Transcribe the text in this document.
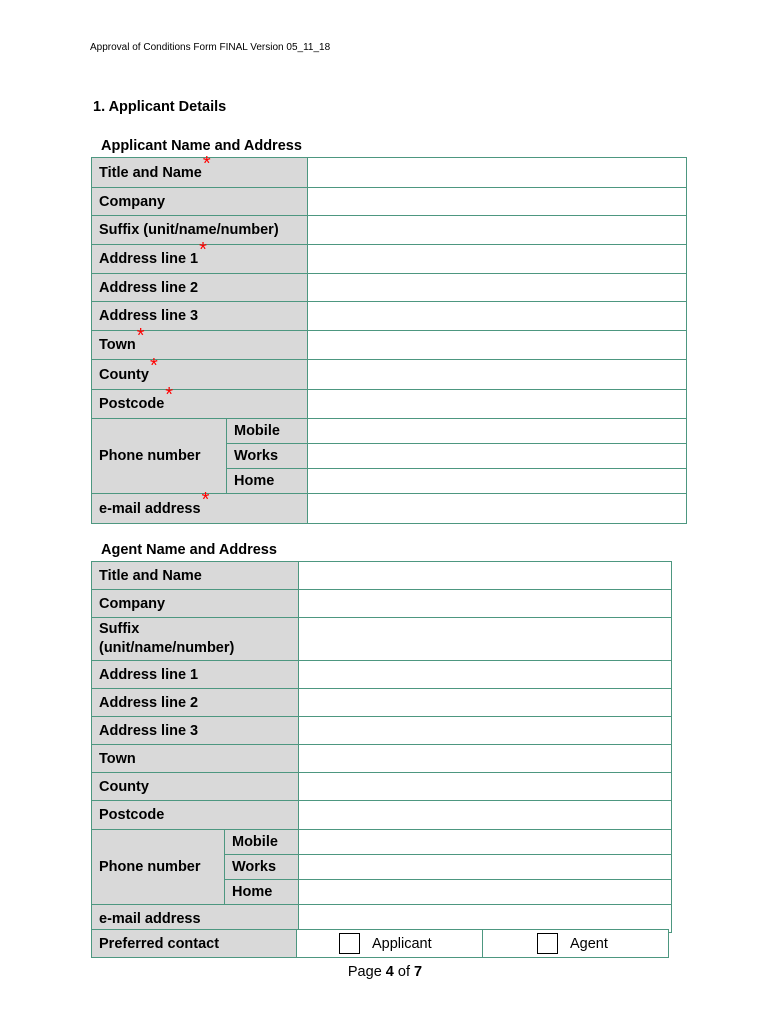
Approval of Conditions Form FINAL Version 05_11_18
1. Applicant Details
Applicant Name and Address
Title and Name*		
Company		
Suffix (unit/name/number)		
Address line 1*		
Address line 2		
Address line 3		
Town*		
County*		
Postcode*		
Phone number	Mobile	
	Works	
	Home	
e-mail address*		
Agent Name and Address
Title and Name		
Company		

Suffix
(unit/name/number)		

Address line 1		
Address line 2		
Address line 3		
Town		
County		
Postcode		
Phone number	Mobile	
	Works	
	Home	
e-mail address		
Preferred contact	Applicant	Agent
Page 4 of 7
